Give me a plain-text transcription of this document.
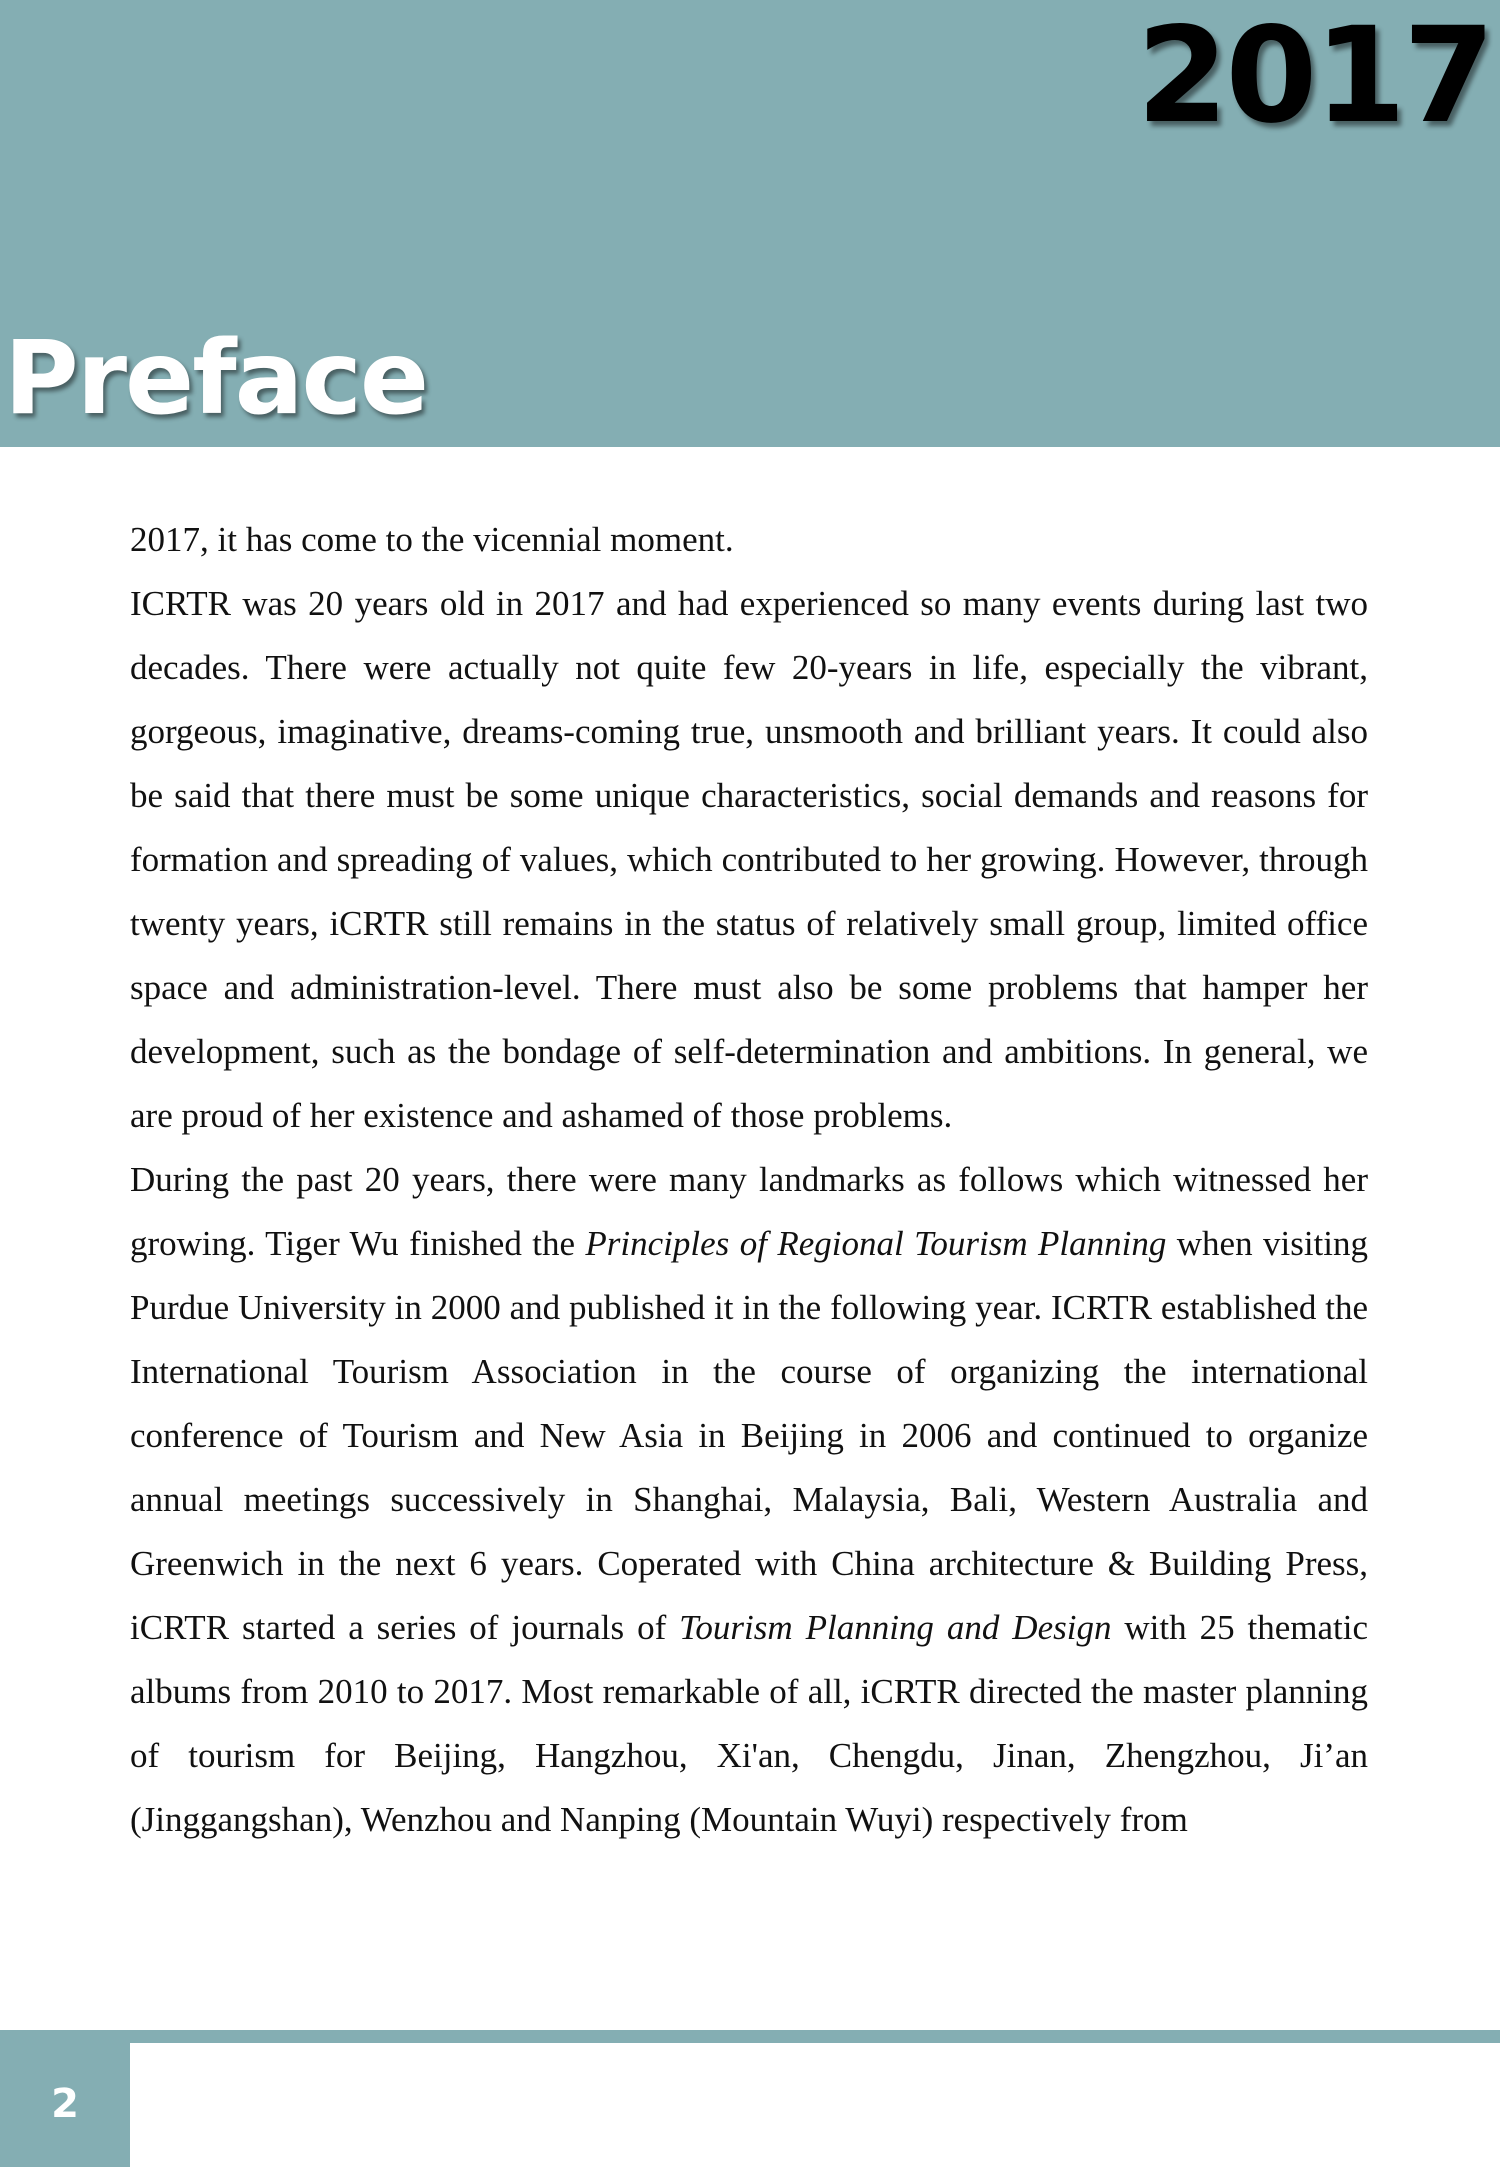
2017
Preface

2017, it has come to the vicennial moment.

ICRTR was 20 years old in 2017 and had experienced so many events during last two decades. There were actually not quite few 20-years in life, especially the vibrant, gorgeous, imaginative, dreams-coming true, unsmooth and brilliant years. It could also be said that there must be some unique characteristics, social demands and reasons for formation and spreading of values, which contributed to her growing. However, through twenty years, iCRTR still remains in the status of relatively small group, limited office space and administration-level. There must also be some problems that hamper her development, such as the bondage of self-determination and ambitions. In general, we are proud of her existence and ashamed of those problems.

During the past 20 years, there were many landmarks as follows which witnessed her growing. Tiger Wu finished the Principles of Regional Tourism Planning when visiting Purdue University in 2000 and published it in the following year. ICRTR established the International Tourism Association in the course of organizing the international conference of Tourism and New Asia in Beijing in 2006 and continued to organize annual meetings successively in Shanghai, Malaysia, Bali, Western Australia and Greenwich in the next 6 years. Coperated with China architecture & Building Press, iCRTR started a series of journals of Tourism Planning and Design with 25 thematic albums from 2010 to 2017. Most remarkable of all, iCRTR directed the master planning of tourism for Beijing, Hangzhou, Xi'an, Chengdu, Jinan, Zhengzhou, Ji’an (Jinggangshan), Wenzhou and Nanping (Mountain Wuyi) respectively from

2
